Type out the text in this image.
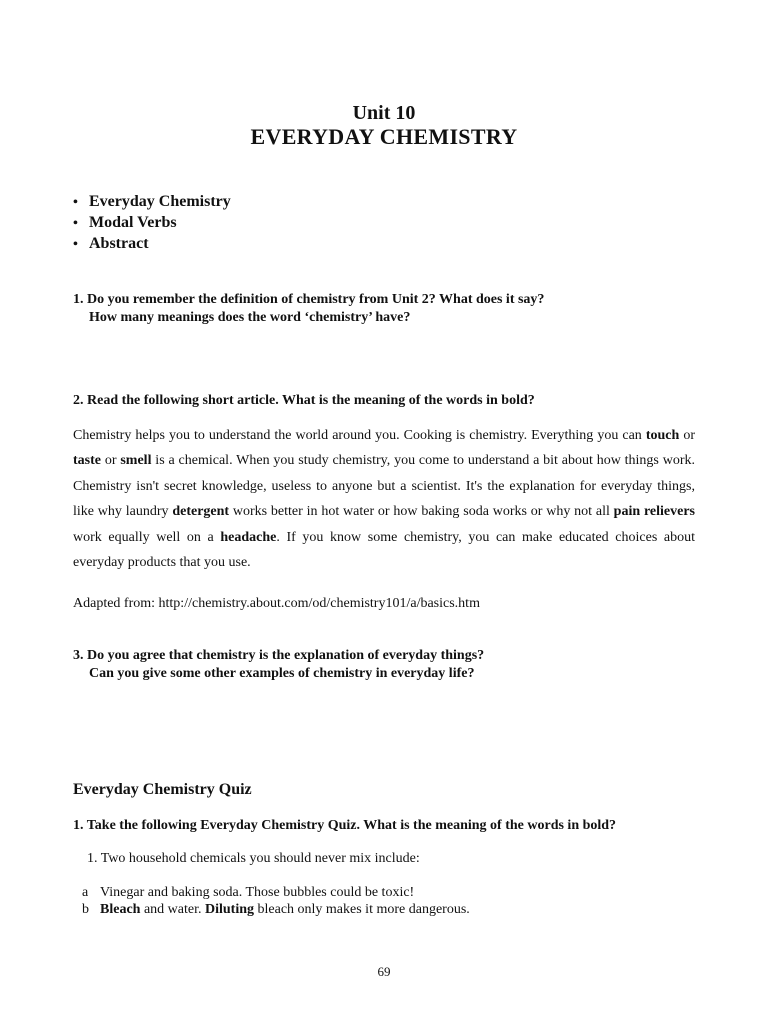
Unit 10
EVERYDAY CHEMISTRY
• Everyday Chemistry
• Modal Verbs
• Abstract
1. Do you remember the definition of chemistry from Unit 2? What does it say?
How many meanings does the word ‘chemistry’ have?
2. Read the following short article. What is the meaning of the words in bold?
Chemistry helps you to understand the world around you. Cooking is chemistry. Everything you can touch or taste or smell is a chemical. When you study chemistry, you come to understand a bit about how things work. Chemistry isn't secret knowledge, useless to anyone but a scientist. It's the explanation for everyday things, like why laundry detergent works better in hot water or how baking soda works or why not all pain relievers work equally well on a headache. If you know some chemistry, you can make educated choices about everyday products that you use.
Adapted from: http://chemistry.about.com/od/chemistry101/a/basics.htm
3. Do you agree that chemistry is the explanation of everyday things?
Can you give some other examples of chemistry in everyday life?
Everyday Chemistry Quiz
1. Take the following Everyday Chemistry Quiz. What is the meaning of the words in bold?
1. Two household chemicals you should never mix include:
a Vinegar and baking soda. Those bubbles could be toxic!
b Bleach and water. Diluting bleach only makes it more dangerous.
69
